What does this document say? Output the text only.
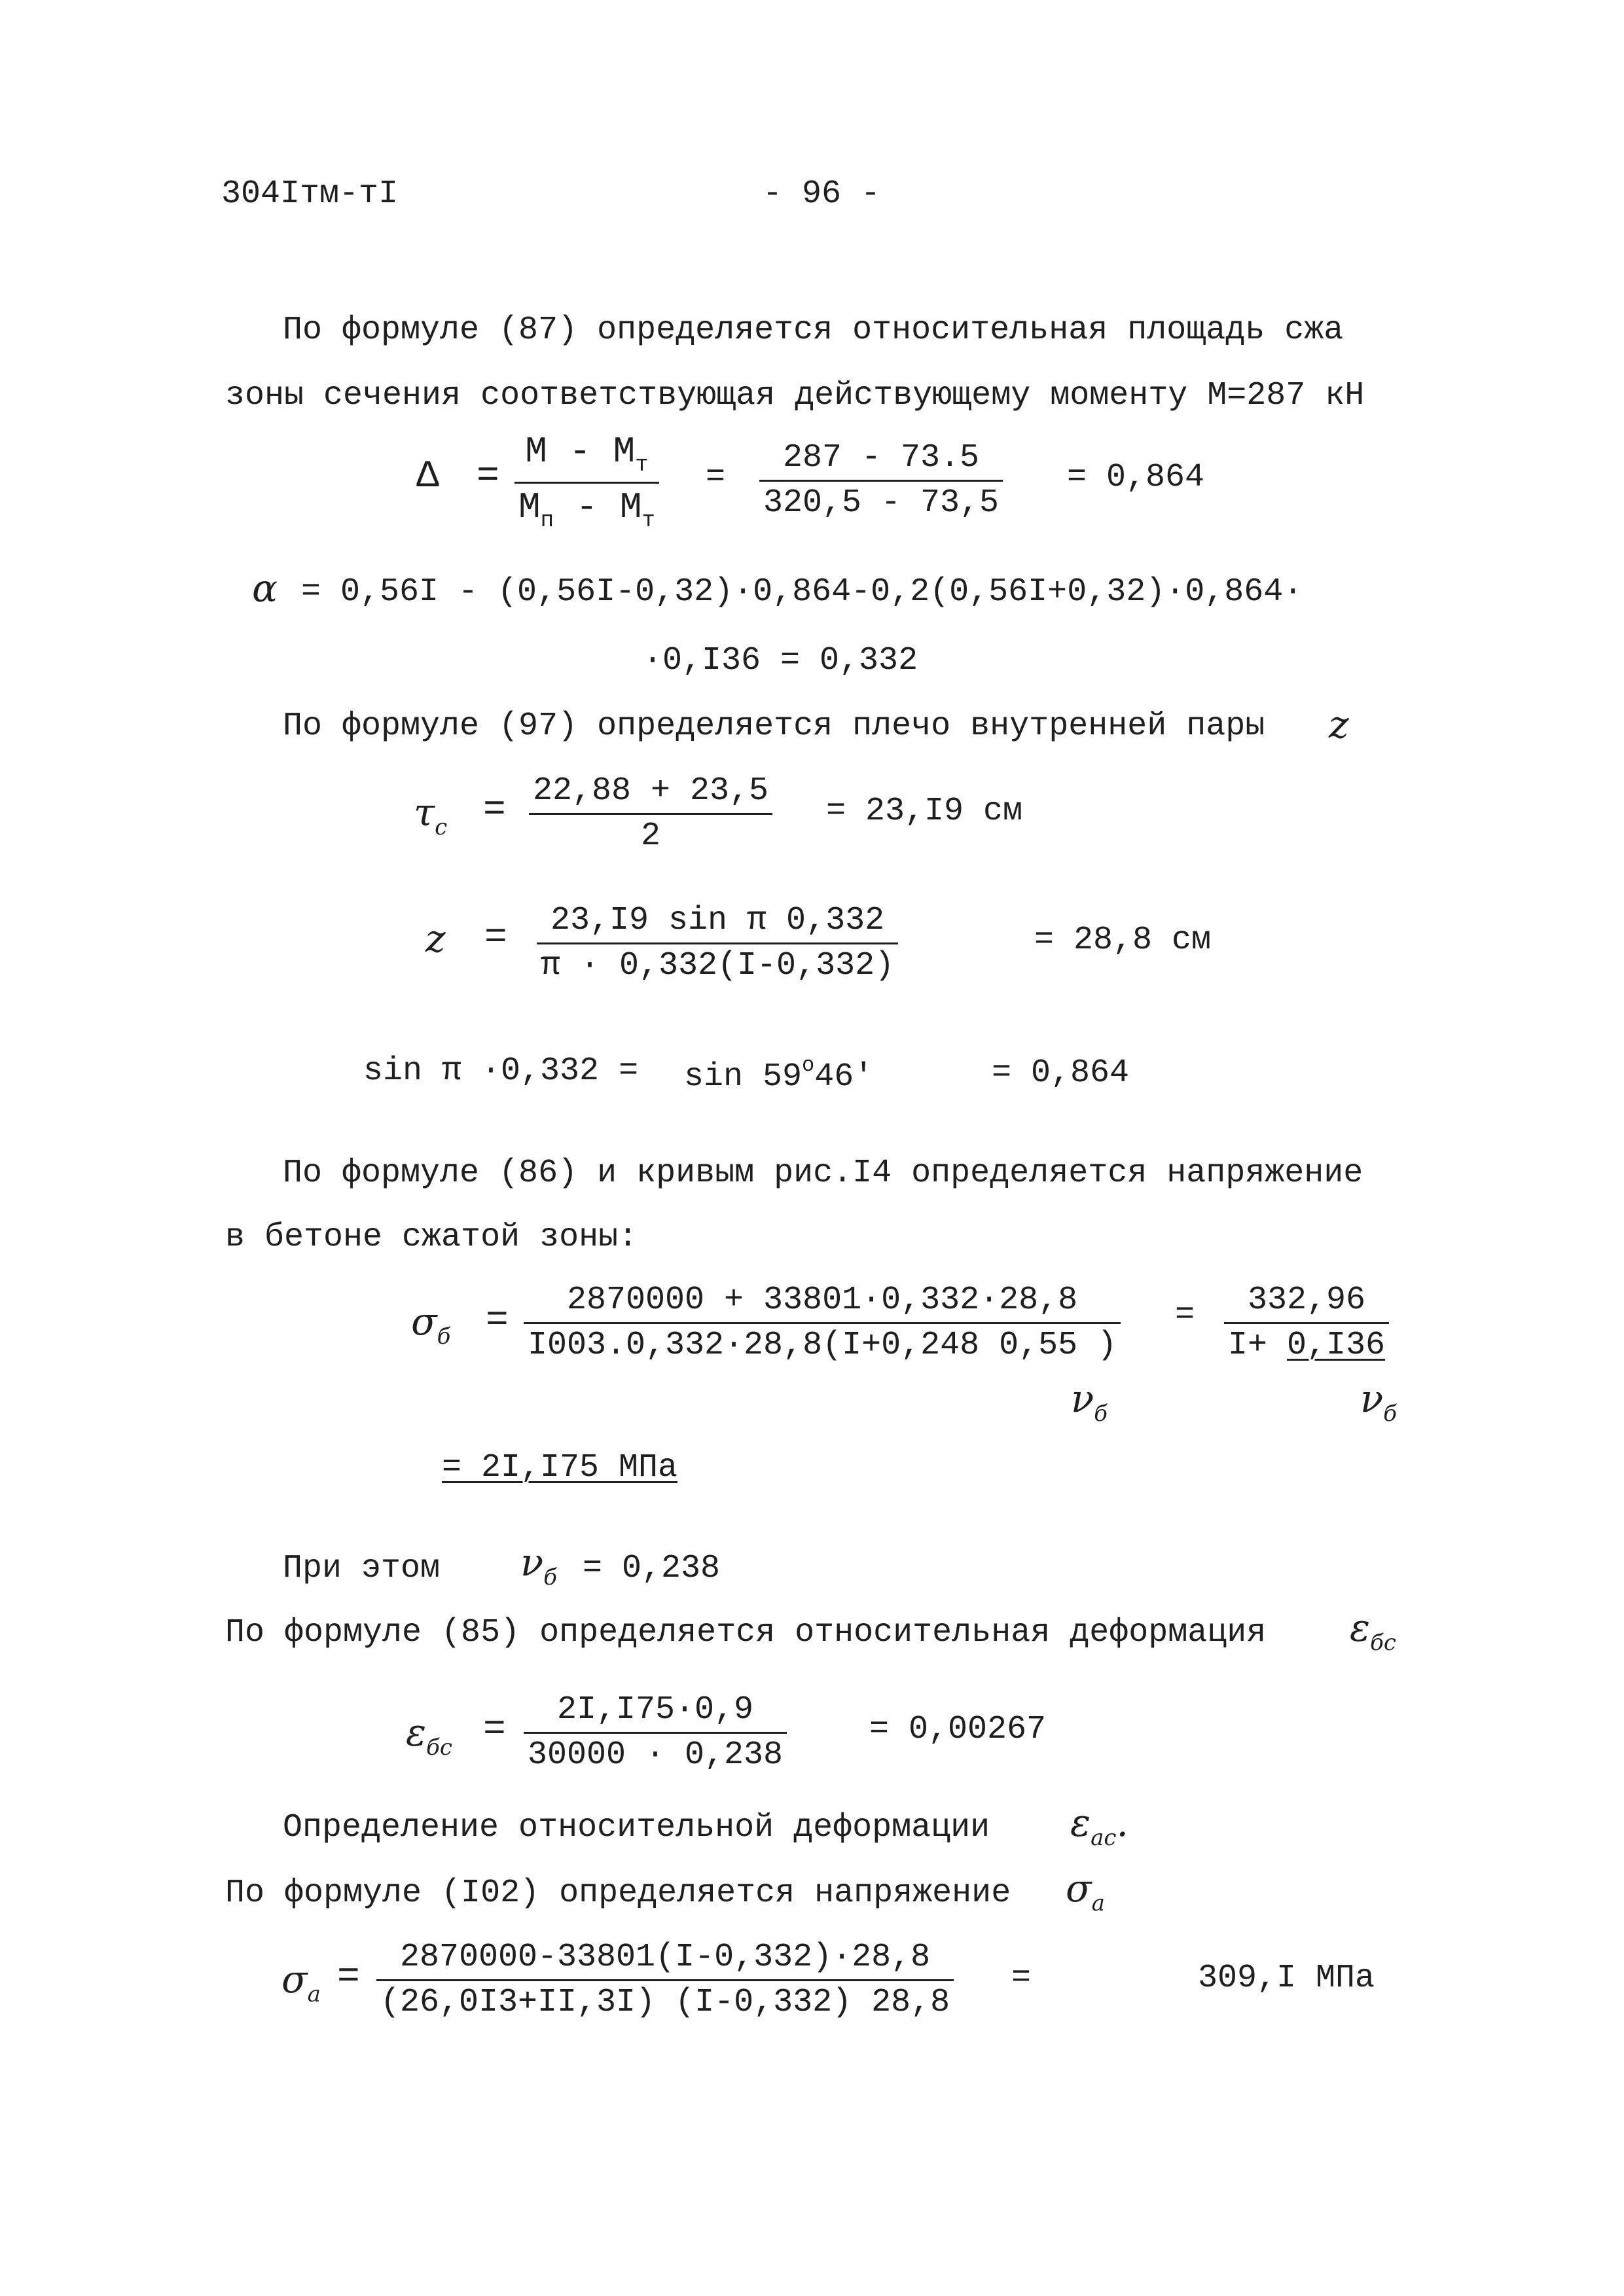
304Iтм-тI	- 96 -
По формуле (87) определяется относительная площадь сжа
зоны сечения соответствующая действующему моменту М=287 кН
Δ =
М - $М_т$
$М_п - М_т$
=
287 - 73.5
320,5 - 73,5
= 0,864
α = 0,56I - (0,56I-0,32)·0,864-0,2(0,56I+0,32)·0,864·
·0,I36 = 0,332
По формуле (97) определяется плечо внутренней пары z
$\tau_c = 22,88 + 23,5$
2
= 23,I9 см
z = 23,I9 sin π 0,332
π · 0,332(I-0,332)
= 28,8 см
$\sin \pi \cdot 0,332 = \sin 59^o46'$	= 0,864
По формуле (86) и кривым рис.I4 определяется напряжение
в бетоне сжатой зоны:
$\sigma_б = 2870000 + 33801\cdot 0,332\cdot 28,8$
I003.0,332·28,8(I+0,248 0,55 )
$\nu_б$
= 332,96
I+ 0,I36
$\nu_б$
= 2I,I75 МПа
При этом $\nu_б = 0,238$
По формуле (85) определяется относительная деформация $\varepsilon_{бс}$
$\varepsilon_{бс} = 2I,I75\cdot 0,9$
30000 · 0,238
= 0,00267
Определение относительной деформации $\varepsilon_{ас}$.
По формуле (I02) определяется напряжение $\sigma_а$
$\sigma_а = 2870000-33801(I-0,332)\cdot 28,8$
(26,0I3+II,3I) (I-0,332) 28,8
=	309,I МПа
